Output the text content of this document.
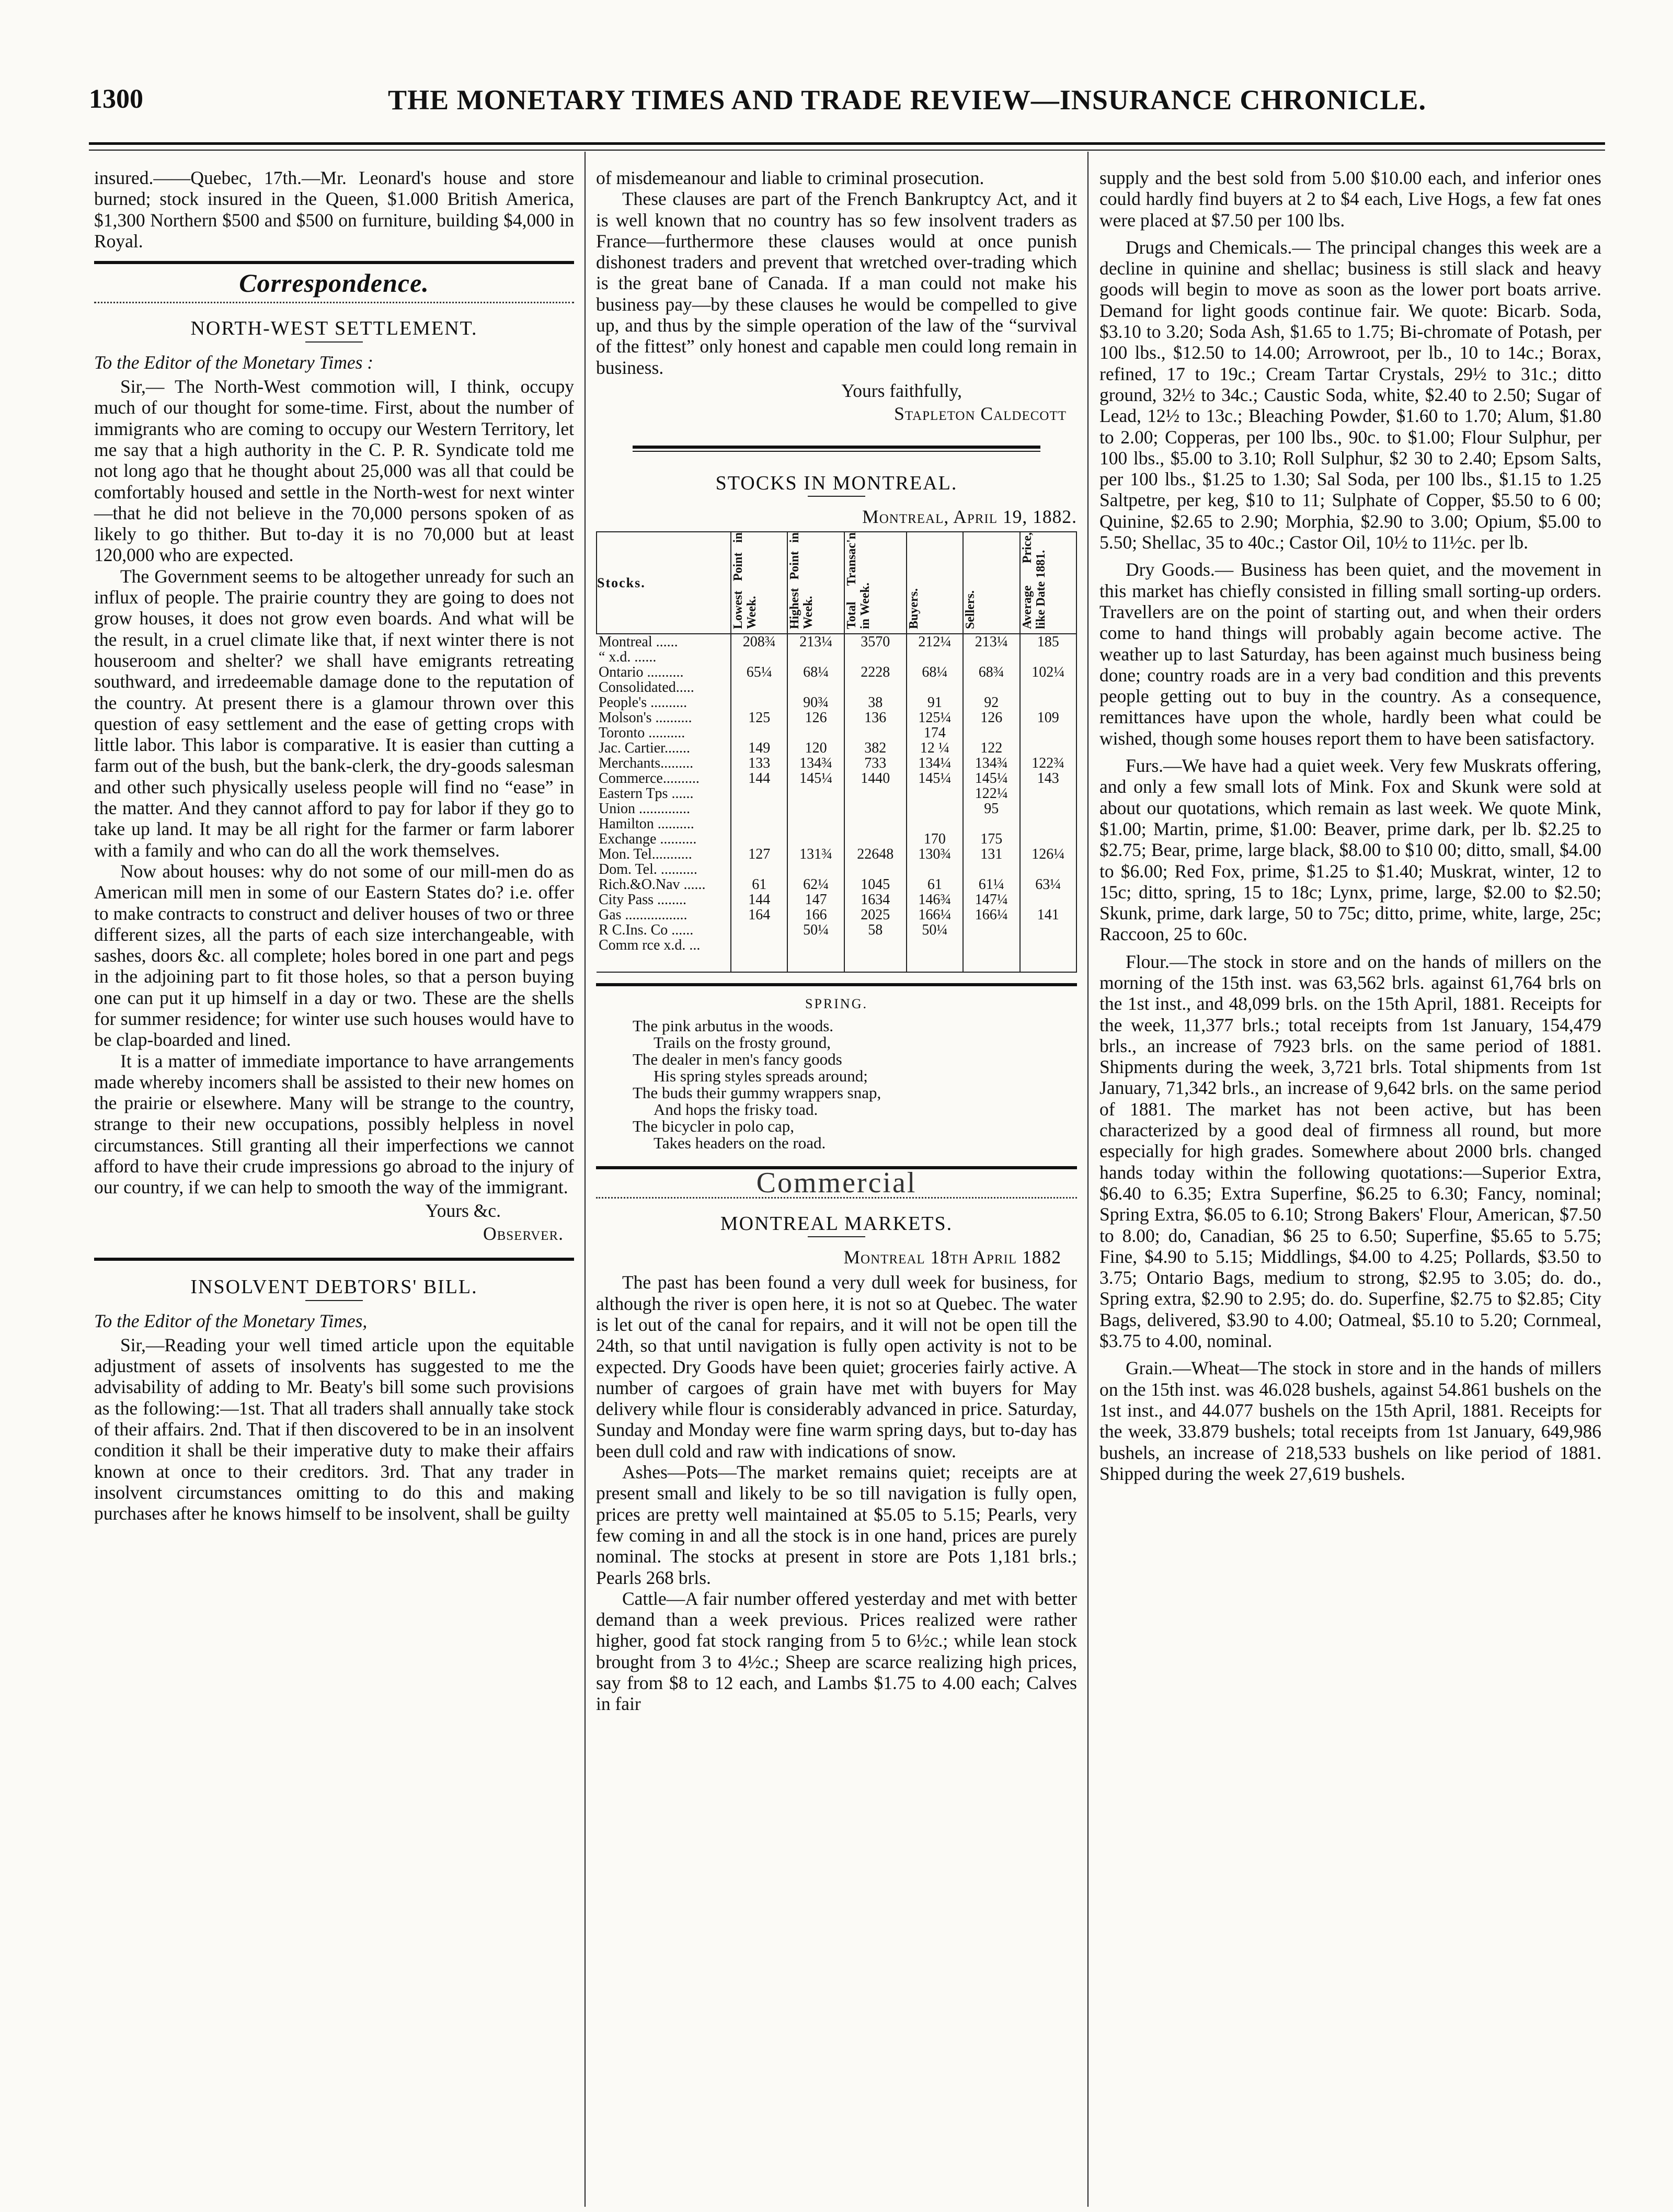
1300	THE MONETARY TIMES AND TRADE REVIEW—INSURANCE CHRONICLE.

insured.——Quebec, 17th.—Mr. Leonard's house and store burned; stock insured in the Queen, $1.000 British America, $1,300 Northern $500 and $500 on furniture, building $4,000 in Royal.

Correspondence.
NORTH-WEST SETTLEMENT.
To the Editor of the Monetary Times :

Sir,— The North-West commotion will, I think, occupy much of our thought for some-time. First, about the number of immigrants who are coming to occupy our Western Territory, let me say that a high authority in the C. P. R. Syndicate told me not long ago that he thought about 25,000 was all that could be comfortably housed and settle in the North-west for next winter—that he did not believe in the 70,000 persons spoken of as likely to go thither. But to-day it is no 70,000 but at least 120,000 who are expected.

The Government seems to be altogether unready for such an influx of people. The prairie country they are going to does not grow houses, it does not grow even boards. And what will be the result, in a cruel climate like that, if next winter there is not houseroom and shelter? we shall have emigrants retreating southward, and irredeemable damage done to the reputation of the country. At present there is a glamour thrown over this question of easy settlement and the ease of getting crops with little labor. This labor is comparative. It is easier than cutting a farm out of the bush, but the bank-clerk, the dry-goods salesman and other such physically useless people will find no “ease” in the matter. And they cannot afford to pay for labor if they go to take up land. It may be all right for the farmer or farm laborer with a family and who can do all the work themselves.

Now about houses: why do not some of our mill-men do as American mill men in some of our Eastern States do? i.e. offer to make contracts to construct and deliver houses of two or three different sizes, all the parts of each size interchangeable, with sashes, doors &c. all complete; holes bored in one part and pegs in the adjoining part to fit those holes, so that a person buying one can put it up himself in a day or two. These are the shells for summer residence; for winter use such houses would have to be clap-boarded and lined.

It is a matter of immediate importance to have arrangements made whereby incomers shall be assisted to their new homes on the prairie or elsewhere. Many will be strange to the country, strange to their new occupations, possibly helpless in novel circumstances. Still granting all their imperfections we cannot afford to have their crude impressions go abroad to the injury of our country, if we can help to smooth the way of the immigrant.

Yours &c.
Observer.
INSOLVENT DEBTORS' BILL.
To the Editor of the Monetary Times,

Sir,—Reading your well timed article upon the equitable adjustment of assets of insolvents has suggested to me the advisability of adding to Mr. Beaty's bill some such provisions as the following:—1st. That all traders shall annually take stock of their affairs. 2nd. That if then discovered to be in an insolvent condition it shall be their imperative duty to make their affairs known at once to their creditors. 3rd. That any trader in insolvent circumstances omitting to do this and making purchases after he knows himself to be insolvent, shall be guilty

of misdemeanour and liable to criminal prosecution.

These clauses are part of the French Bankruptcy Act, and it is well known that no country has so few insolvent traders as France—furthermore these clauses would at once punish dishonest traders and prevent that wretched over-trading which is the great bane of Canada. If a man could not make his business pay—by these clauses he would be compelled to give up, and thus by the simple operation of the law of the “survival of the fittest” only honest and capable men could long remain in business.

Yours faithfully,
Stapleton Caldecott
STOCKS IN MONTREAL.
Montreal, April 19, 1882.
Stocks.	Lowest Point in Week.	Highest Point in Week.	Total Transac'n in Week.	Buyers.	Sellers.	Average Price, like Date 1881.
Montreal ......	208¾	213¼	3570	212¼	213¼	185
“ x.d. ......						
Ontario ..........	65¼	68¼	2228	68¼	68¾	102¼
Consolidated.....						
People's ..........		90¾	38	91	92	
Molson's ..........	125	126	136	125¼	126	109
Toronto ..........				174		
Jac. Cartier.......	149	120	382	12 ¼	122	
Merchants.........	133	134¾	733	134¼	134¾	122¾
Commerce..........	144	145¼	1440	145¼	145¼	143
Eastern Tps ......					122¼	
Union ..............					95	
Hamilton ..........						
Exchange ..........				170	175	
Mon. Tel...........	127	131¾	22648	130¾	131	126¼
Dom. Tel. ..........						
Rich.&O.Nav ......	61	62¼	1045	61	61¼	63¼
City Pass ........	144	147	1634	146¾	147¼	
Gas .................	164	166	2025	166¼	166¼	141
R C.Ins. Co ......		50¼	58	50¼		
Comm rce x.d. ...						

SPRING.
The pink arbutus in the woods.
Trails on the frosty ground,
The dealer in men's fancy goods
His spring styles spreads around;
The buds their gummy wrappers snap,
And hops the frisky toad.
The bicycler in polo cap,
Takes headers on the road.
Commercial
MONTREAL MARKETS.
Montreal 18th April 1882

The past has been found a very dull week for business, for although the river is open here, it is not so at Quebec. The water is let out of the canal for repairs, and it will not be open till the 24th, so that until navigation is fully open activity is not to be expected. Dry Goods have been quiet; groceries fairly active. A number of cargoes of grain have met with buyers for May delivery while flour is considerably advanced in price. Saturday, Sunday and Monday were fine warm spring days, but to-day has been dull cold and raw with indications of snow.

Ashes—Pots—The market remains quiet; receipts are at present small and likely to be so till navigation is fully open, prices are pretty well maintained at $5.05 to 5.15; Pearls, very few coming in and all the stock is in one hand, prices are purely nominal. The stocks at present in store are Pots 1,181 brls.; Pearls 268 brls.

Cattle—A fair number offered yesterday and met with better demand than a week previous. Prices realized were rather higher, good fat stock ranging from 5 to 6½c.; while lean stock brought from 3 to 4½c.; Sheep are scarce realizing high prices, say from $8 to 12 each, and Lambs $1.75 to 4.00 each; Calves in fair

supply and the best sold from 5.00 $10.00 each, and inferior ones could hardly find buyers at 2 to $4 each, Live Hogs, a few fat ones were placed at $7.50 per 100 lbs.

Drugs and Chemicals.— The principal changes this week are a decline in quinine and shellac; business is still slack and heavy goods will begin to move as soon as the lower port boats arrive. Demand for light goods continue fair. We quote: Bicarb. Soda, $3.10 to 3.20; Soda Ash, $1.65 to 1.75; Bi-chromate of Potash, per 100 lbs., $12.50 to 14.00; Arrowroot, per lb., 10 to 14c.; Borax, refined, 17 to 19c.; Cream Tartar Crystals, 29½ to 31c.; ditto ground, 32½ to 34c.; Caustic Soda, white, $2.40 to 2.50; Sugar of Lead, 12½ to 13c.; Bleaching Powder, $1.60 to 1.70; Alum, $1.80 to 2.00; Copperas, per 100 lbs., 90c. to $1.00; Flour Sulphur, per 100 lbs., $5.00 to 3.10; Roll Sulphur, $2 30 to 2.40; Epsom Salts, per 100 lbs., $1.25 to 1.30; Sal Soda, per 100 lbs., $1.15 to 1.25 Saltpetre, per keg, $10 to 11; Sulphate of Copper, $5.50 to 6 00; Quinine, $2.65 to 2.90; Morphia, $2.90 to 3.00; Opium, $5.00 to 5.50; Shellac, 35 to 40c.; Castor Oil, 10½ to 11½c. per lb.

Dry Goods.— Business has been quiet, and the movement in this market has chiefly consisted in filling small sorting-up orders. Travellers are on the point of starting out, and when their orders come to hand things will probably again become active. The weather up to last Saturday, has been against much business being done; country roads are in a very bad condition and this prevents people getting out to buy in the country. As a consequence, remittances have upon the whole, hardly been what could be wished, though some houses report them to have been satisfactory.

Furs.—We have had a quiet week. Very few Muskrats offering, and only a few small lots of Mink. Fox and Skunk were sold at about our quotations, which remain as last week. We quote Mink, $1.00; Martin, prime, $1.00: Beaver, prime dark, per lb. $2.25 to $2.75; Bear, prime, large black, $8.00 to $10 00; ditto, small, $4.00 to $6.00; Red Fox, prime, $1.25 to $1.40; Muskrat, winter, 12 to 15c; ditto, spring, 15 to 18c; Lynx, prime, large, $2.00 to $2.50; Skunk, prime, dark large, 50 to 75c; ditto, prime, white, large, 25c; Raccoon, 25 to 60c.

Flour.—The stock in store and on the hands of millers on the morning of the 15th inst. was 63,562 brls. against 61,764 brls on the 1st inst., and 48,099 brls. on the 15th April, 1881. Receipts for the week, 11,377 brls.; total receipts from 1st January, 154,479 brls., an increase of 7923 brls. on the same period of 1881. Shipments during the week, 3,721 brls. Total shipments from 1st January, 71,342 brls., an increase of 9,642 brls. on the same period of 1881. The market has not been active, but has been characterized by a good deal of firmness all round, but more especially for high grades. Somewhere about 2000 brls. changed hands today within the following quotations:—Superior Extra, $6.40 to 6.35; Extra Superfine, $6.25 to 6.30; Fancy, nominal; Spring Extra, $6.05 to 6.10; Strong Bakers' Flour, American, $7.50 to 8.00; do, Canadian, $6 25 to 6.50; Superfine, $5.65 to 5.75; Fine, $4.90 to 5.15; Middlings, $4.00 to 4.25; Pollards, $3.50 to 3.75; Ontario Bags, medium to strong, $2.95 to 3.05; do. do., Spring extra, $2.90 to 2.95; do. do. Superfine, $2.75 to $2.85; City Bags, delivered, $3.90 to 4.00; Oatmeal, $5.10 to 5.20; Cornmeal, $3.75 to 4.00, nominal.

Grain.—Wheat—The stock in store and in the hands of millers on the 15th inst. was 46.028 bushels, against 54.861 bushels on the 1st inst., and 44.077 bushels on the 15th April, 1881. Receipts for the week, 33.879 bushels; total receipts from 1st January, 649,986 bushels, an increase of 218,533 bushels on like period of 1881. Shipped during the week 27,619 bushels.
